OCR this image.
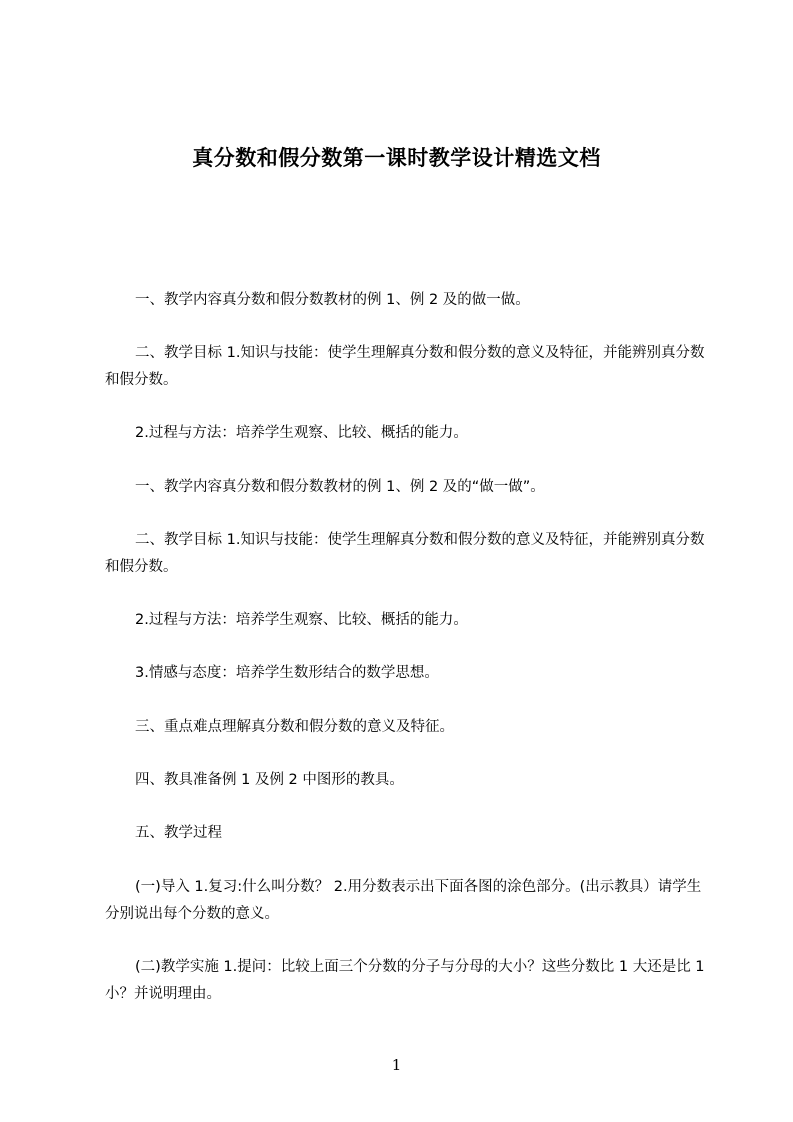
真分数和假分数第一课时教学设计精选文档
一、教学内容真分数和假分数教材的例 1、例 2 及的做一做。
二、教学目标 1.知识与技能：使学生理解真分数和假分数的意义及特征，并能辨别真分数和假分数。
2.过程与方法：培养学生观察、比较、概括的能力。
一、教学内容真分数和假分数教材的例 1、例 2 及的“做一做”。
二、教学目标 1.知识与技能：使学生理解真分数和假分数的意义及特征，并能辨别真分数和假分数。
2.过程与方法：培养学生观察、比较、概括的能力。
3.情感与态度：培养学生数形结合的数学思想。
三、重点难点理解真分数和假分数的意义及特征。
四、教具准备例 1 及例 2 中图形的教具。
五、教学过程
(一)导入 1.复习:什么叫分数？ 2.用分数表示出下面各图的涂色部分。(出示教具）请学生分别说出每个分数的意义。
(二)教学实施 1.提问：比较上面三个分数的分子与分母的大小？这些分数比 1 大还是比 1 小？并说明理由。
1
